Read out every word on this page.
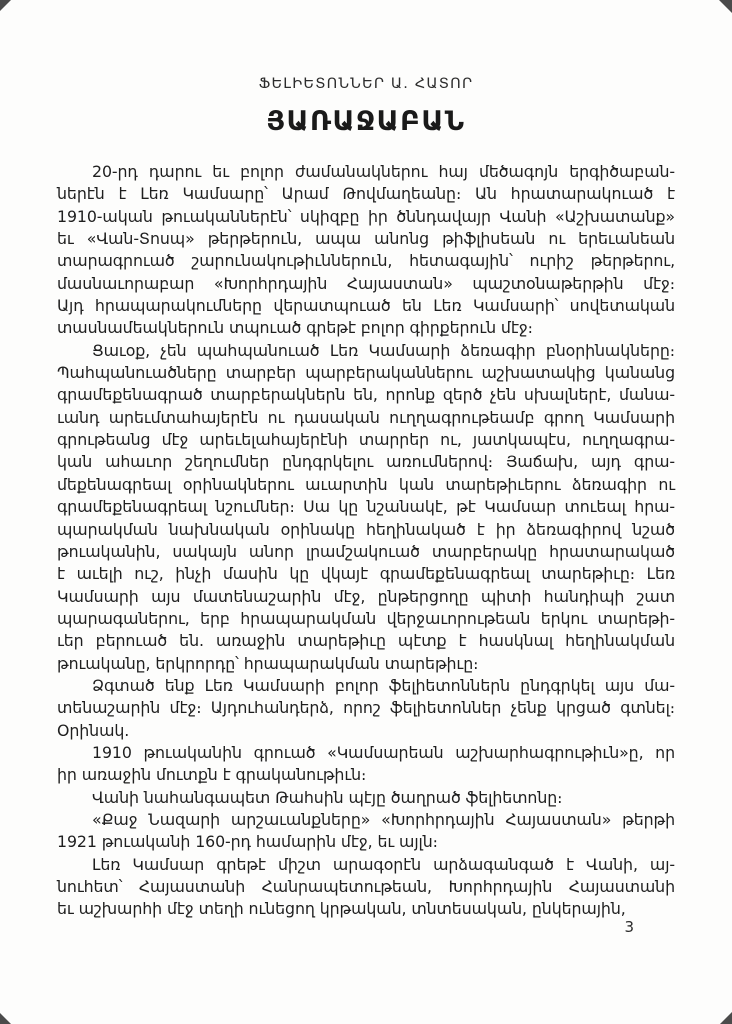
ՖԵԼԻԵՏՈՆՆԵՐ Ա. ՀԱՏՈՐ
ՅԱՌԱՋԱԲԱՆ
20-րդ դարու եւ բոլոր ժամանակներու հայ մեծագոյն երգիծաբան-
ներէն է Լեռ Կամսարը՝ Արամ Թովմաղեանը։ Ան հրատարակուած է
1910-ական թուականներէն՝ սկիզբը իր ծննդավայր Վանի «Աշխատանք»
եւ «Վան-Տոսպ» թերթերուն, ապա անոնց թիֆլիսեան ու երեւանեան
տարագրուած շարունակութիւններուն, հետագային՝ ուրիշ թերթերու,
մասնաւորաբար «Խորհրդային Հայաստան» պաշտօնաթերթին մէջ։
Այդ հրապարակումները վերատպուած են Լեռ Կամսարի՝ սովետական
տասնամեակներուն տպուած գրեթէ բոլոր գիրքերուն մէջ։
Ցաւօք, չեն պահպանուած Լեռ Կամսարի ձեռագիր բնօրինակները։
Պահպանուածները տարբեր պարբերականներու աշխատակից կանանց
գրամեքենագրած տարբերակներն են, որոնք զերծ չեն սխալներէ, մանա-
ւանդ արեւմտահայերէն ու դասական ուղղագրութեամբ գրող Կամսարի
գրութեանց մէջ արեւելահայերէնի տարրեր ու, յատկապէս, ուղղագրա-
կան ահաւոր շեղումներ ընդգրկելու առումներով։ Յաճախ, այդ գրա-
մեքենագրեալ օրինակներու աւարտին կան տարեթիւերու ձեռագիր ու
գրամեքենագրեալ նշումներ։ Սա կը նշանակէ, թէ Կամսար տուեալ հրա-
պարակման նախնական օրինակը հեղինակած է իր ձեռագիրով նշած
թուականին, սակայն անոր լրամշակուած տարբերակը հրատարակած
է աւելի ուշ, ինչի մասին կը վկայէ գրամեքենագրեալ տարեթիւը։ Լեռ
Կամսարի այս մատենաշարին մէջ, ընթերցողը պիտի հանդիպի շատ
պարագաներու, երբ հրապարակման վերջաւորութեան երկու տարեթի-
ւեր բերուած են. առաջին տարեթիւը պէտք է հասկնալ հեղինակման
թուականը, երկրորդը՝ հրապարակման տարեթիւը։
Ձգտած ենք Լեռ Կամսարի բոլոր ֆելիետոններն ընդգրկել այս մա-
տենաշարին մէջ։ Այդուհանդերձ, որոշ ֆելիետոններ չենք կրցած գտնել։
Օրինակ.
1910 թուականին գրուած «Կամսարեան աշխարհագրութիւն»ը, որ
իր առաջին մուտքն է գրականութիւն։
Վանի նահանգապետ Թահսին պէյը ծաղրած ֆելիետոնը։
«Քաջ Նազարի արշաւանքները» «Խորհրդային Հայաստան» թերթի
1921 թուականի 160-րդ համարին մէջ, եւ այլն։
Լեռ Կամսար գրեթէ միշտ արագօրէն արձագանգած է Վանի, այ-
նուհետ՝ Հայաստանի Հանրապետութեան, Խորհրդային Հայաստանի
եւ աշխարհի մէջ տեղի ունեցող կրթական, տնտեսական, ընկերային,
3
